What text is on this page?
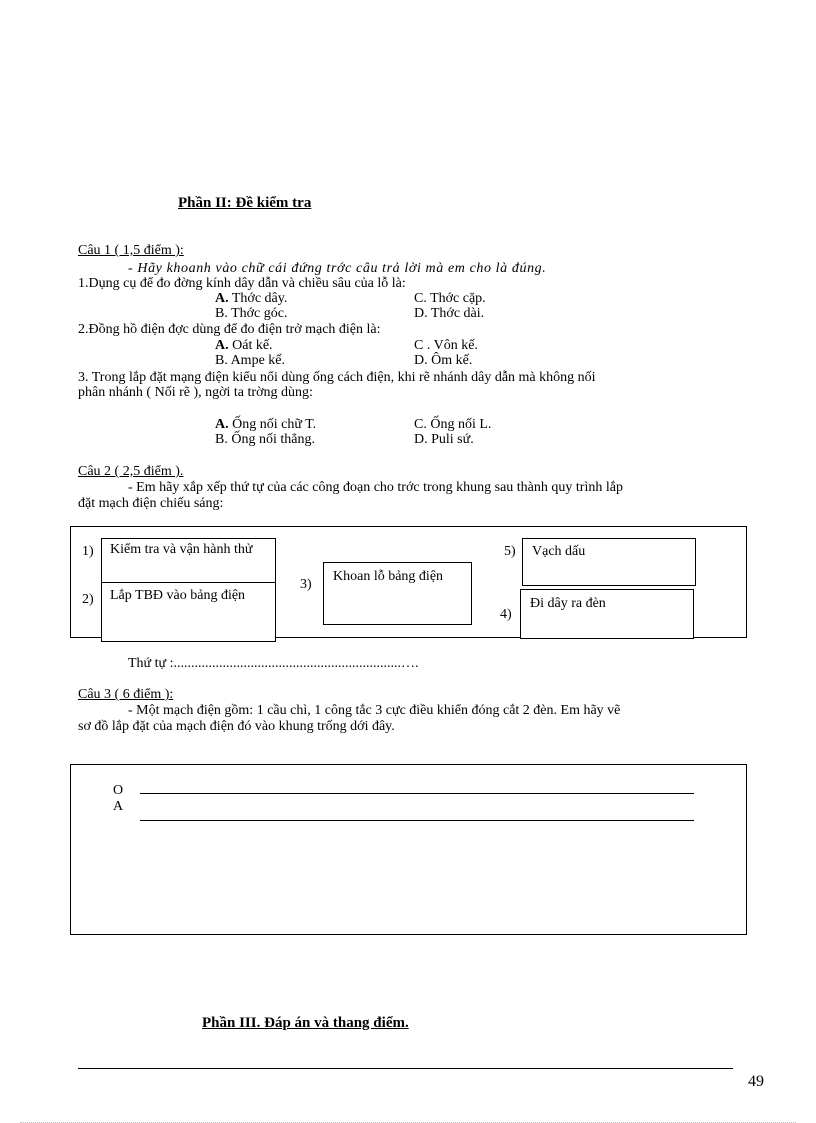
Phần II: Đề kiểm tra
Câu 1 ( 1,5 điểm ):
- Hãy khoanh vào chữ cái đứng trớc câu trả lời mà em cho là đúng.
1.Dụng cụ để đo đờng kính dây dẫn và chiều sâu của lỗ là:
A. Thớc dây.	C. Thớc cặp.
B. Thớc góc.	D. Thớc dài.
2.Đồng hồ điện đợc dùng để đo điện trở mạch điện là:
A. Oát kế.	C . Vôn kế.
B. Ampe kế.	D. Ôm kế.
3. Trong lắp đặt mạng điện kiểu nổi dùng ống cách điện, khi rẽ nhánh dây dẫn mà không nối
phân nhánh ( Nối rẽ ), ngời ta trờng dùng:
A. Ống nối chữ T.	C. Ống nối L.
B. Ống nối thẳng.	D. Puli sứ.
Câu 2 ( 2,5 điểm ).
- Em hãy xắp xếp thứ tự của các công đoạn cho trớc trong khung sau thành quy trình lắp
đặt mạch điện chiếu sáng:
1) Kiểm tra và vận hành thử
2) Lắp TBĐ vào bảng điện
3)
Khoan lỗ bảng điện
5) Vạch dấu
4)
Đi dây ra đèn
Thứ tự :.................................................................….
Câu 3 ( 6 điểm ):
- Một mạch điện gồm: 1 cầu chì, 1 công tắc 3 cực điều khiển đóng cắt 2 đèn. Em hãy vẽ
sơ đồ lắp đặt của mạch điện đó vào khung trống dới đây.
O
A
Phần III. Đáp án và thang điểm.
49
